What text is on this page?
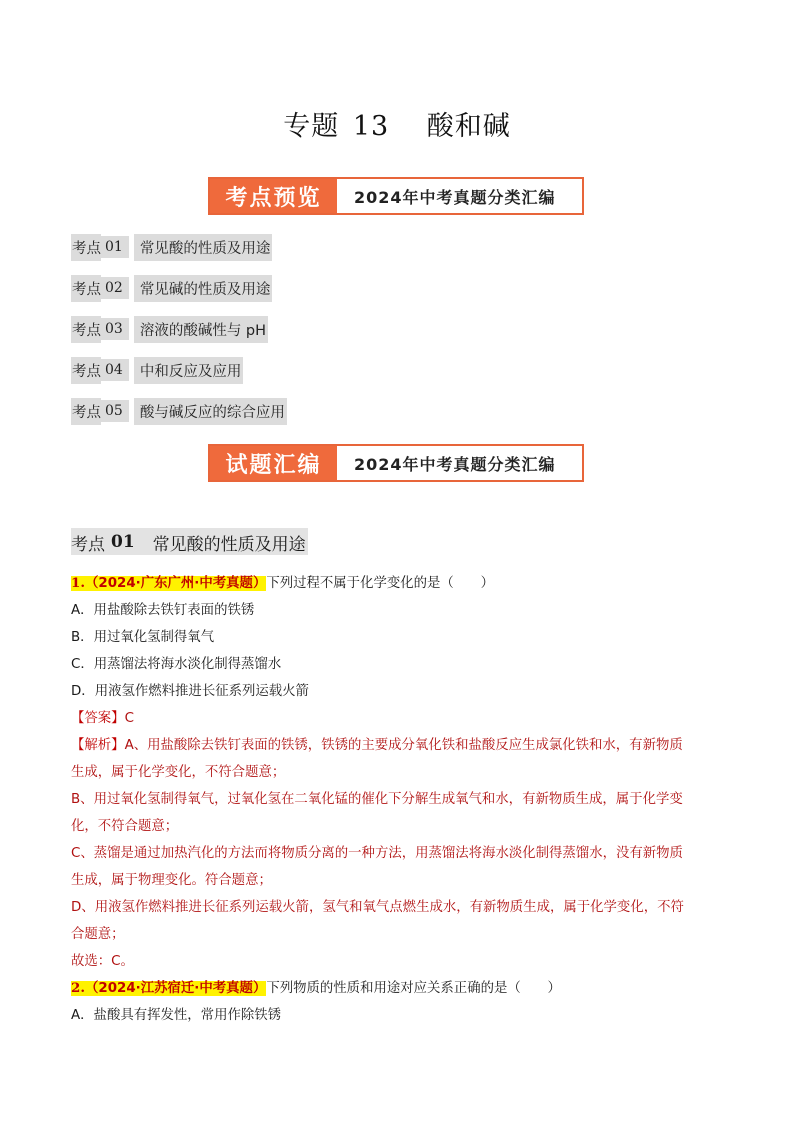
专题 13 酸和碱
考点预览	2024年中考真题分类汇编
考点 01	常见酸的性质及用途
考点 02	常见碱的性质及用途
考点 03	溶液的酸碱性与 pH
考点 04	中和反应及应用
考点 05	酸与碱反应的综合应用
试题汇编	2024年中考真题分类汇编
考点 01 常见酸的性质及用途
1.（2024·广东广州·中考真题）下列过程不属于化学变化的是（　　）
A．用盐酸除去铁钉表面的铁锈
B．用过氧化氢制得氧气
C．用蒸馏法将海水淡化制得蒸馏水
D．用液氢作燃料推进长征系列运载火箭
【答案】C
【解析】A、用盐酸除去铁钉表面的铁锈，铁锈的主要成分氧化铁和盐酸反应生成氯化铁和水，有新物质
生成，属于化学变化，不符合题意；
B、用过氧化氢制得氧气，过氧化氢在二氧化锰的催化下分解生成氧气和水，有新物质生成，属于化学变
化，不符合题意；
C、蒸馏是通过加热汽化的方法而将物质分离的一种方法，用蒸馏法将海水淡化制得蒸馏水，没有新物质
生成，属于物理变化。符合题意；
D、用液氢作燃料推进长征系列运载火箭，氢气和氧气点燃生成水，有新物质生成，属于化学变化，不符
合题意；
故选：C。
2.（2024·江苏宿迁·中考真题）下列物质的性质和用途对应关系正确的是（　　）
A．盐酸具有挥发性，常用作除铁锈
